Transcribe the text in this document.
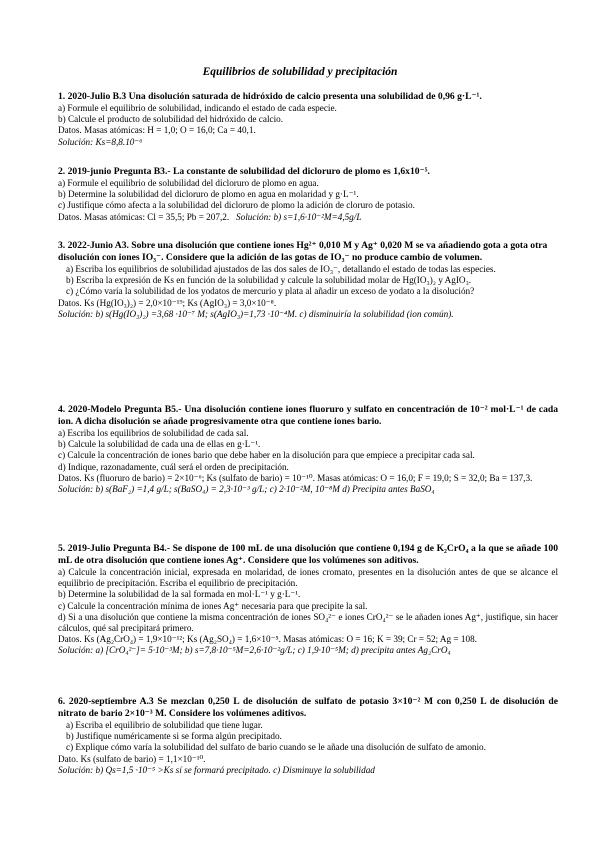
Equilibrios de solubilidad y precipitación

1. 2020-Julio B.3 Una disolución saturada de hidróxido de calcio presenta una solubilidad de 0,96 g·L⁻¹.

a) Formule el equilibrio de solubilidad, indicando el estado de cada especie.

b) Calcule el producto de solubilidad del hidróxido de calcio.

Datos. Masas atómicas: H = 1,0; O = 16,0; Ca = 40,1.

Solución: Ks=8,8.10⁻⁶

2. 2019-junio Pregunta B3.- La constante de solubilidad del dicloruro de plomo es 1,6x10⁻⁵.

a) Formule el equilibrio de solubilidad del dicloruro de plomo en agua.

b) Determine la solubilidad del dicloruro de plomo en agua en molaridad y g·L⁻¹.

c) Justifique cómo afecta a la solubilidad del dicloruro de plomo la adición de cloruro de potasio.

Datos. Masas atómicas: Cl = 35,5; Pb = 207,2. Solución: b) s=1,6·10⁻²M=4,5g/L

3. 2022-Junio A3. Sobre una disolución que contiene iones Hg²⁺ 0,010 M y Ag⁺ 0,020 M se va añadiendo gota a gota otra disolución con iones IO₃⁻. Considere que la adición de las gotas de IO₃⁻ no produce cambio de volumen.

a) Escriba los equilibrios de solubilidad ajustados de las dos sales de IO₃⁻, detallando el estado de todas las especies.

b) Escriba la expresión de Ks en función de la solubilidad y calcule la solubilidad molar de Hg(IO₃)₂ y AgIO₃.

c) ¿Cómo varía la solubilidad de los yodatos de mercurio y plata al añadir un exceso de yodato a la disolución?

Datos. Ks (Hg(IO₃)₂) = 2,0×10⁻¹⁹; Ks (AgIO₃) = 3,0×10⁻⁸.

Solución: b) s(Hg(IO₃)₂) =3,68 ·10⁻⁷ M; s(AgIO₃)=1,73 ·10⁻⁴M. c) disminuiría la solubilidad (ion común).

4. 2020-Modelo Pregunta B5.- Una disolución contiene iones fluoruro y sulfato en concentración de 10⁻² mol·L⁻¹ de cada ion. A dicha disolución se añade progresivamente otra que contiene iones bario.

a) Escriba los equilibrios de solubilidad de cada sal.

b) Calcule la solubilidad de cada una de ellas en g·L⁻¹.

c) Calcule la concentración de iones bario que debe haber en la disolución para que empiece a precipitar cada sal.

d) Indique, razonadamente, cuál será el orden de precipitación.

Datos. Ks (fluoruro de bario) = 2×10⁻⁶; Ks (sulfato de bario) = 10⁻¹⁰. Masas atómicas: O = 16,0; F = 19,0; S = 32,0; Ba = 137,3.

Solución: b) s(BaF₂) =1,4 g/L; s(BaSO₄) = 2,3·10⁻³ g/L; c) 2·10⁻²M, 10⁻⁸M d) Precipita antes BaSO₄

5. 2019-Julio Pregunta B4.- Se dispone de 100 mL de una disolución que contiene 0,194 g de K₂CrO₄ a la que se añade 100 mL de otra disolución que contiene iones Ag⁺. Considere que los volúmenes son aditivos.

a) Calcule la concentración inicial, expresada en molaridad, de iones cromato, presentes en la disolución antes de que se alcance el equilibrio de precipitación. Escriba el equilibrio de precipitación.

b) Determine la solubilidad de la sal formada en mol·L⁻¹ y g·L⁻¹.

c) Calcule la concentración mínima de iones Ag⁺ necesaria para que precipite la sal.

d) Si a una disolución que contiene la misma concentración de iones SO₄²⁻ e iones CrO₄²⁻ se le añaden iones Ag⁺, justifique, sin hacer cálculos, qué sal precipitará primero.

Datos. Ks (Ag₂CrO₄) = 1,9×10⁻¹²; Ks (Ag₂SO₄) = 1,6×10⁻⁵. Masas atómicas: O = 16; K = 39; Cr = 52; Ag = 108.

Solución: a) [CrO₄²⁻]= 5·10⁻³M; b) s=7,8·10⁻⁵M=2,6·10⁻²g/L; c) 1,9·10⁻⁵M; d) precipita antes Ag₂CrO₄

6. 2020-septiembre A.3 Se mezclan 0,250 L de disolución de sulfato de potasio 3×10⁻² M con 0,250 L de disolución de nitrato de bario 2×10⁻³ M. Considere los volúmenes aditivos.

a) Escriba el equilibrio de solubilidad que tiene lugar.

b) Justifique numéricamente si se forma algún precipitado.

c) Explique cómo varía la solubilidad del sulfato de bario cuando se le añade una disolución de sulfato de amonio.

Dato. Ks (sulfato de bario) = 1,1×10⁻¹⁰.

Solución: b) Qs=1,5 ·10⁻⁵ >Ks sí se formará precipitado. c) Disminuye la solubilidad
